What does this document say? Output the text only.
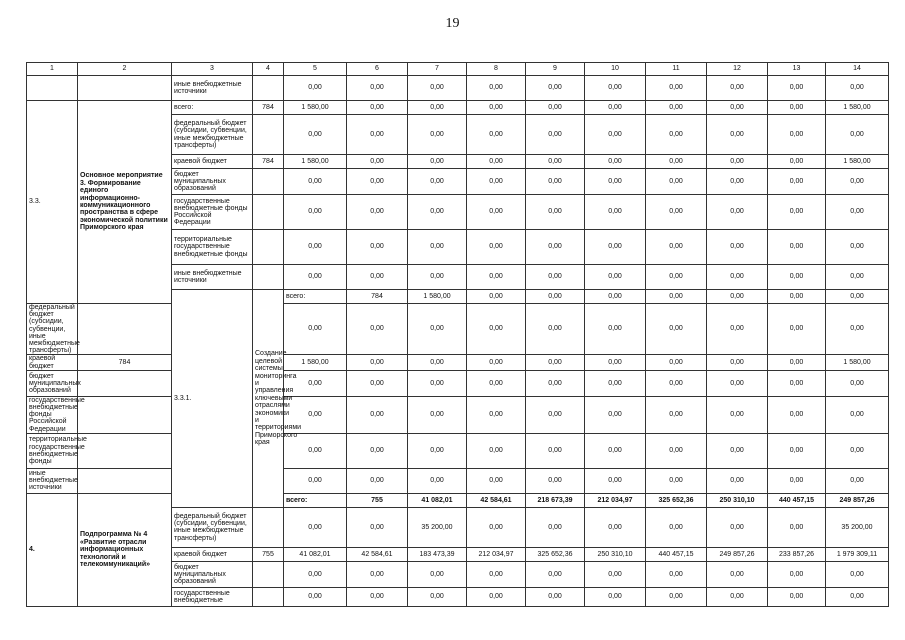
19
1	2	3	4	5	6	7	8	9	10	11	12	13	14	
		иные внебюджетные источники		0,00	0,00	0,00	0,00	0,00	0,00	0,00	0,00	0,00	0,00	
3.3.	Основное мероприятие 3. Формирование единого информационно-коммуникационного пространства в сфере экономической политики Приморского края	всего:	784	1 580,00	0,00	0,00	0,00	0,00	0,00	0,00	0,00	0,00	1 580,00	
		федеральный бюджет (субсидии, субвенции, иные межбюджетные трансферты)		0,00	0,00	0,00	0,00	0,00	0,00	0,00	0,00	0,00	0,00	
		краевой бюджет	784	1 580,00	0,00	0,00	0,00	0,00	0,00	0,00	0,00	0,00	1 580,00	
		бюджет муниципальных образований		0,00	0,00	0,00	0,00	0,00	0,00	0,00	0,00	0,00	0,00	
		государственные внебюджетные фонды Российской Федерации		0,00	0,00	0,00	0,00	0,00	0,00	0,00	0,00	0,00	0,00	
		территориальные государственные внебюджетные фонды		0,00	0,00	0,00	0,00	0,00	0,00	0,00	0,00	0,00	0,00	
		иные внебюджетные источники		0,00	0,00	0,00	0,00	0,00	0,00	0,00	0,00	0,00	0,00	
		3.3.1.	Создание целевой системы мониторинга и управления ключевыми отраслями экономики и территориями Приморского края	всего:	784	1 580,00	0,00	0,00	0,00	0,00	0,00	0,00	0,00		
федеральный бюджет (субсидии, субвенции, иные межбюджетные трансферты)				0,00	0,00	0,00	0,00	0,00	0,00	0,00	0,00	0,00	0,00	
краевой бюджет	784			1 580,00	0,00	0,00	0,00	0,00	0,00	0,00	0,00	0,00	1 580,00	
бюджет муниципальных образований				0,00	0,00	0,00	0,00	0,00	0,00	0,00	0,00	0,00	0,00	
государственные внебюджетные фонды Российской Федерации				0,00	0,00	0,00	0,00	0,00	0,00	0,00	0,00	0,00	0,00	
территориальные государственные внебюджетные фонды				0,00	0,00	0,00	0,00	0,00	0,00	0,00	0,00	0,00	0,00	
иные внебюджетные источники				0,00	0,00	0,00	0,00	0,00	0,00	0,00	0,00	0,00	0,00	
4.	Подпрограмма № 4 «Развитие отрасли информационных технологий и телекоммуникаций»			всего:	755	41 082,01	42 584,61	218 673,39	212 034,97	325 652,36	250 310,10	440 457,15	249 857,26		
		федеральный бюджет (субсидии, субвенции, иные межбюджетные трансферты)		0,00	0,00	35 200,00	0,00	0,00	0,00	0,00	0,00	0,00	35 200,00	
		краевой бюджет	755	41 082,01	42 584,61	183 473,39	212 034,97	325 652,36	250 310,10	440 457,15	249 857,26	233 857,26	1 979 309,11	
		бюджет муниципальных образований		0,00	0,00	0,00	0,00	0,00	0,00	0,00	0,00	0,00	0,00	
		государственные внебюджетные		0,00	0,00	0,00	0,00	0,00	0,00	0,00	0,00	0,00	0,00	
